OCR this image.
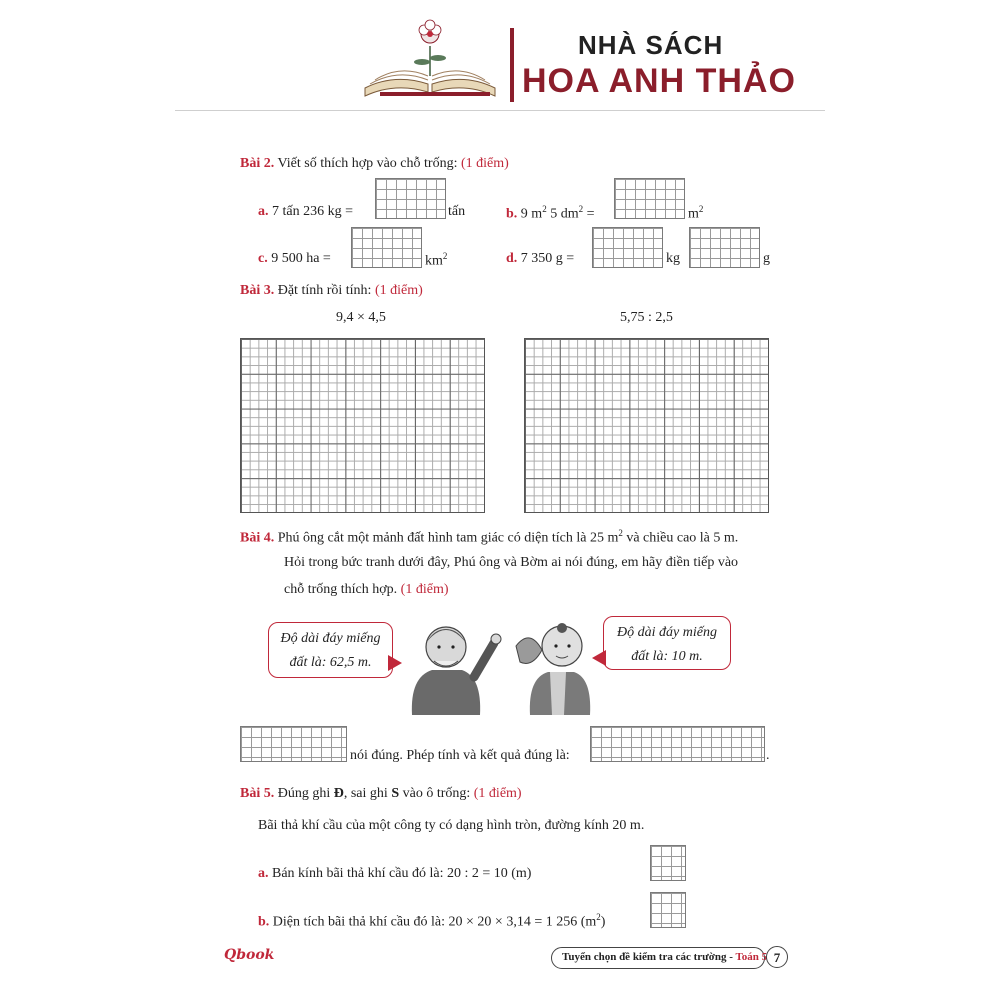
NHÀ SÁCH
HOA ANH THẢO
Bài 2. Viết số thích hợp vào chỗ trống: (1 điểm)
a. 7 tấn 236 kg =	tấn	b. 9 $m^2$ 5 $dm^2$ =	$m^2$
c. 9 500 ha =	$km^2$	d. 7 350 g =	kg	g
Bài 3. Đặt tính rồi tính: (1 điểm)
9,4 × 4,5	5,75 : 2,5
Bài 4. Phú ông cắt một mảnh đất hình tam giác có diện tích là 25 $m^2$ và chiều cao là 5 m.
Hỏi trong bức tranh dưới đây, Phú ông và Bờm ai nói đúng, em hãy điền tiếp vào
chỗ trống thích hợp. (1 điểm)
Độ dài đáy miếng đất là: 62,5 m.
Độ dài đáy miếng đất là: 10 m.
nói đúng. Phép tính và kết quả đúng là:	.
Bài 5. Đúng ghi Đ, sai ghi S vào ô trống: (1 điểm)
Bãi thả khí cầu của một công ty có dạng hình tròn, đường kính 20 m.
a. Bán kính bãi thả khí cầu đó là: 20 : 2 = 10 (m)
b. Diện tích bãi thả khí cầu đó là: 20 × 20 × 3,14 = 1 256 $(m^2)$
Qbook	Tuyển chọn đề kiểm tra các trường - Toán 5 7
